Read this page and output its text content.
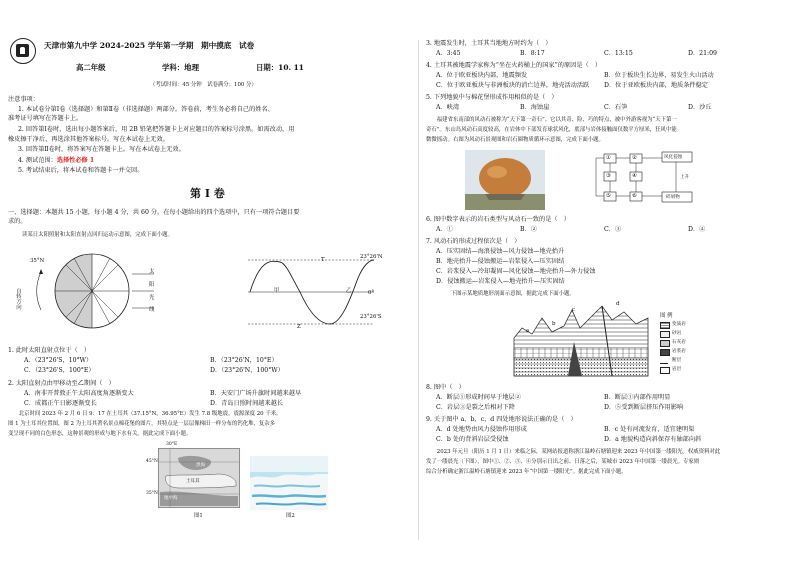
天津市第九中学 2024-2025 学年第一学期　期中摸底　试卷
高二年级	学科：地理	日期：10. 11
（考试时间：45 分钟　试卷满分：100 分）
注意事项：
1. 本试卷分第Ⅰ卷（选择题）和第Ⅱ卷（非选择题）两部分。答卷前，考生务必将自己的姓名、
准考证号填写在答题卡上。
2. 回答第Ⅰ卷时，选出每小题答案后，用 2B 铅笔把答题卡上对应题目的答案标号涂黑。如需改动，用
橡皮擦干净后，再选涂其他答案标号。写在本试卷上无效。
3. 回答第Ⅱ卷时，将答案写在答题卡上。写在本试卷上无效。
4. 测试范围：选择性必修 1
5. 考试结束后，将本试卷和答题卡一并交回。
第 Ⅰ 卷
一、选择题：本题共 15 小题，每小题 4 分，共 60 分。在每小题给出的四个选项中，只有一项符合题目要
求的。
读某日太阳照射和太阳直射点回归运动示意图，完成下面小题。
35°N
自转方向
太
阳
光
线
23°26'N
23°26'S
0°
甲	乙
T
Z
1. 此时太阳直射点位于（　）
A．（23°26'S，10°W）	B．（23°26'N，10°E）
C．（23°26'S，100°E）	D．（23°26'N，100°W）
2. 太阳直射点由甲移动至乙期间（　）
A．南非开普敦正午太阳高度角逐渐变大	B．天安门广场升旗时间越来越早
C．成都正午日影逐渐变长	D．青岛日照时间越来越长
　　北京时间 2023 年 2 月 6 日 9：17 在土耳其（37.15°N，36.95°E）发生 7.8 级地震，震源深度 20 千米。
图 1 为土耳其位置图，图 2 为土耳其著名景点棉花堡的图片，其特点是一层层像梯田一样分布的钙化堆，复杂多
变呈现不同的白色形态，这种景观的形成与地下水有关。据此完成下面小题。
30°E
45°N
35°N
黑海
土耳其
地中海
图1	图2
3. 地震发生时，土耳其当地地方时约为（　）
A．3:45	B．8:17	C．13:15	D．21:09
4. 土耳其被地震学家称为“坐在火药桶上的国家”的原因是（　）
A．位于欧亚板块内部，地震频发	B．位于板块生长边界，易发生火山活动
C．位于欧亚板块与非洲板块的消亡边界，地壳活动活跃 D．位于亚欧板块内部，地质条件稳定
5. 下列地貌中与棉花堡形成作用相似的是（　）
A．峡湾	B．海蚀崖	C．石笋	D．沙丘
　　福建省东南部的风动石被称为“天下第一奇石”。它以其奇、险、巧的特点，被中外游客视为“天下第一
奇石”。东山岛风动石高度较高，在岩体中下部发育球状风化，底部与岩体接触面仅数平方厘米，狂风中能
微微摇动。右图为风动石景观图和岩石圈物质循环示意图，完成下面小题。
①	②
③	④
⑤	⑥
风化侵蚀
上升
碎屑物
6. 图中数字表示的岩石类型与风动石一致的是（　）
A．①	B．②	C．③	D．④
7. 风动石的形成过程依次是（　）
A．压实固结—海浪侵蚀—风力侵蚀—地壳抬升
B．地壳抬升—侵蚀搬运—岩浆侵入—压实固结
C．岩浆侵入—冷却凝固—风化侵蚀—地壳抬升—外力侵蚀
D．侵蚀搬运—岩浆侵入—地壳抬升—压实固结
　　下图示某地质地形剖面示意图，据此完成下面小题。
a
b
c
d
图 例
变质岩
砂岩
石灰岩
岩浆岩
断层
岩层
8. 图中（　）
A．断层①形成时间早于地层②	B．断层①内部作用明显
C．岩层③是裂之后相对下降	D．⑤受到断层挤压作用影响
9. 关于图中 a、b、c、d 四处地形说法正确的是（　）
A．d 处地势由风力侵蚀作用形成	B．c 处有河流发育，适宜建明渠
C．b 处的背斜岩层受侵蚀	D．a 地貌构造向斜保存有轴部向斜
　　2023 年元旦（阳历 1 月 1 日）来临之际，某网站报道称浙江温岭石塘镇迎来 2023 年中国第一缕阳光。权威资料对此
发了一缕晨光（下图），图中①、②、③、④分别示日出之前、日落之后，某城市 2023 年中国第一缕晨光。专家则
综合分析确定浙江温岭石塘镇迎来 2023 年“中国第一缕阳光”。据此完成下面小题。
